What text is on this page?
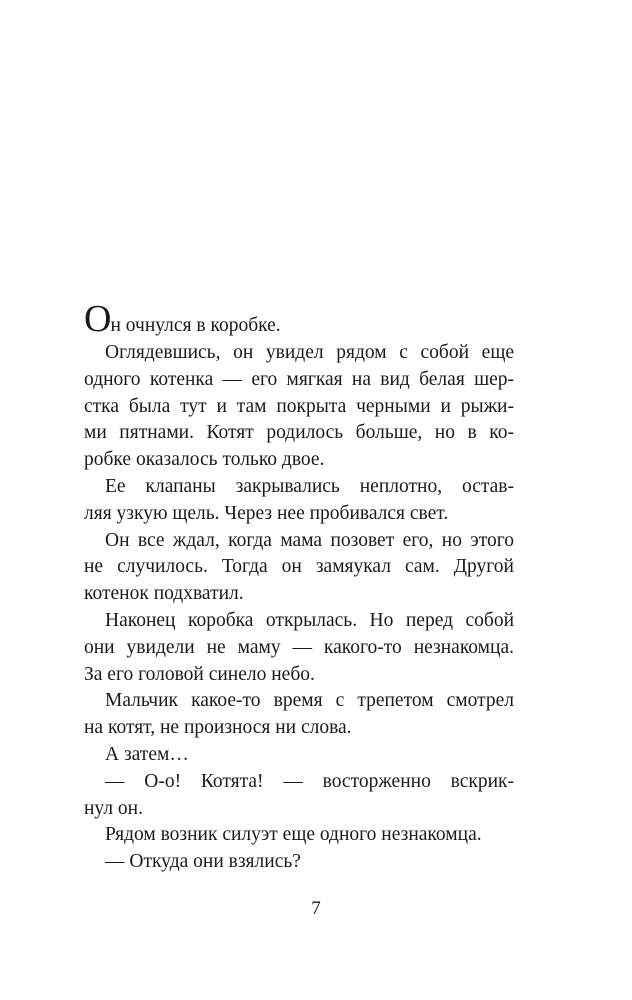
Он очнулся в коробке.
Оглядевшись, он увидел рядом с собой еще
одного котенка — его мягкая на вид белая шер-
стка была тут и там покрыта черными и рыжи-
ми пятнами. Котят родилось больше, но в ко-
робке оказалось только двое.
Ее клапаны закрывались неплотно, остав-
ляя узкую щель. Через нее пробивался свет.
Он все ждал, когда мама позовет его, но этого
не случилось. Тогда он замяукал сам. Другой
котенок подхватил.
Наконец коробка открылась. Но перед собой
они увидели не маму — какого-то незнакомца.
За его головой синело небо.
Мальчик какое-то время с трепетом смотрел
на котят, не произнося ни слова.
А затем…
— О-о! Котята! — восторженно вскрик-
нул он.
Рядом возник силуэт еще одного незнакомца.
— Откуда они взялись?
7
